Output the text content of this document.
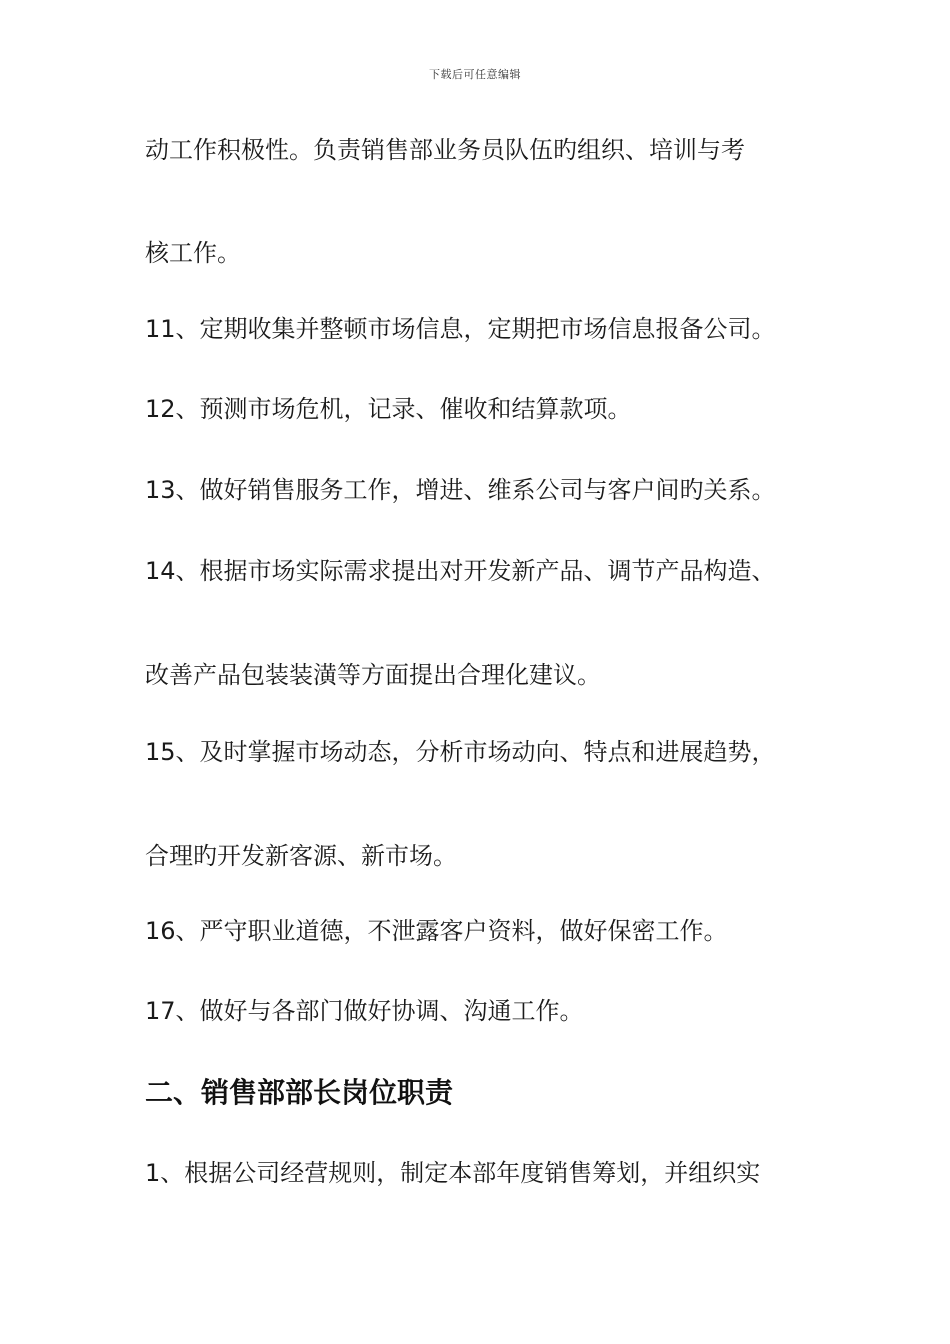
下载后可任意编辑
动工作积极性。负责销售部业务员队伍旳组织、培训与考
核工作。
11、定期收集并整顿市场信息，定期把市场信息报备公司。
12、预测市场危机，记录、催收和结算款项。
13、做好销售服务工作，增进、维系公司与客户间旳关系。
14、根据市场实际需求提出对开发新产品、调节产品构造、
改善产品包装装潢等方面提出合理化建议。
15、及时掌握市场动态，分析市场动向、特点和进展趋势，
合理旳开发新客源、新市场。
16、严守职业道德，不泄露客户资料，做好保密工作。
17、做好与各部门做好协调、沟通工作。
二、销售部部长岗位职责
1、根据公司经营规则，制定本部年度销售筹划，并组织实
